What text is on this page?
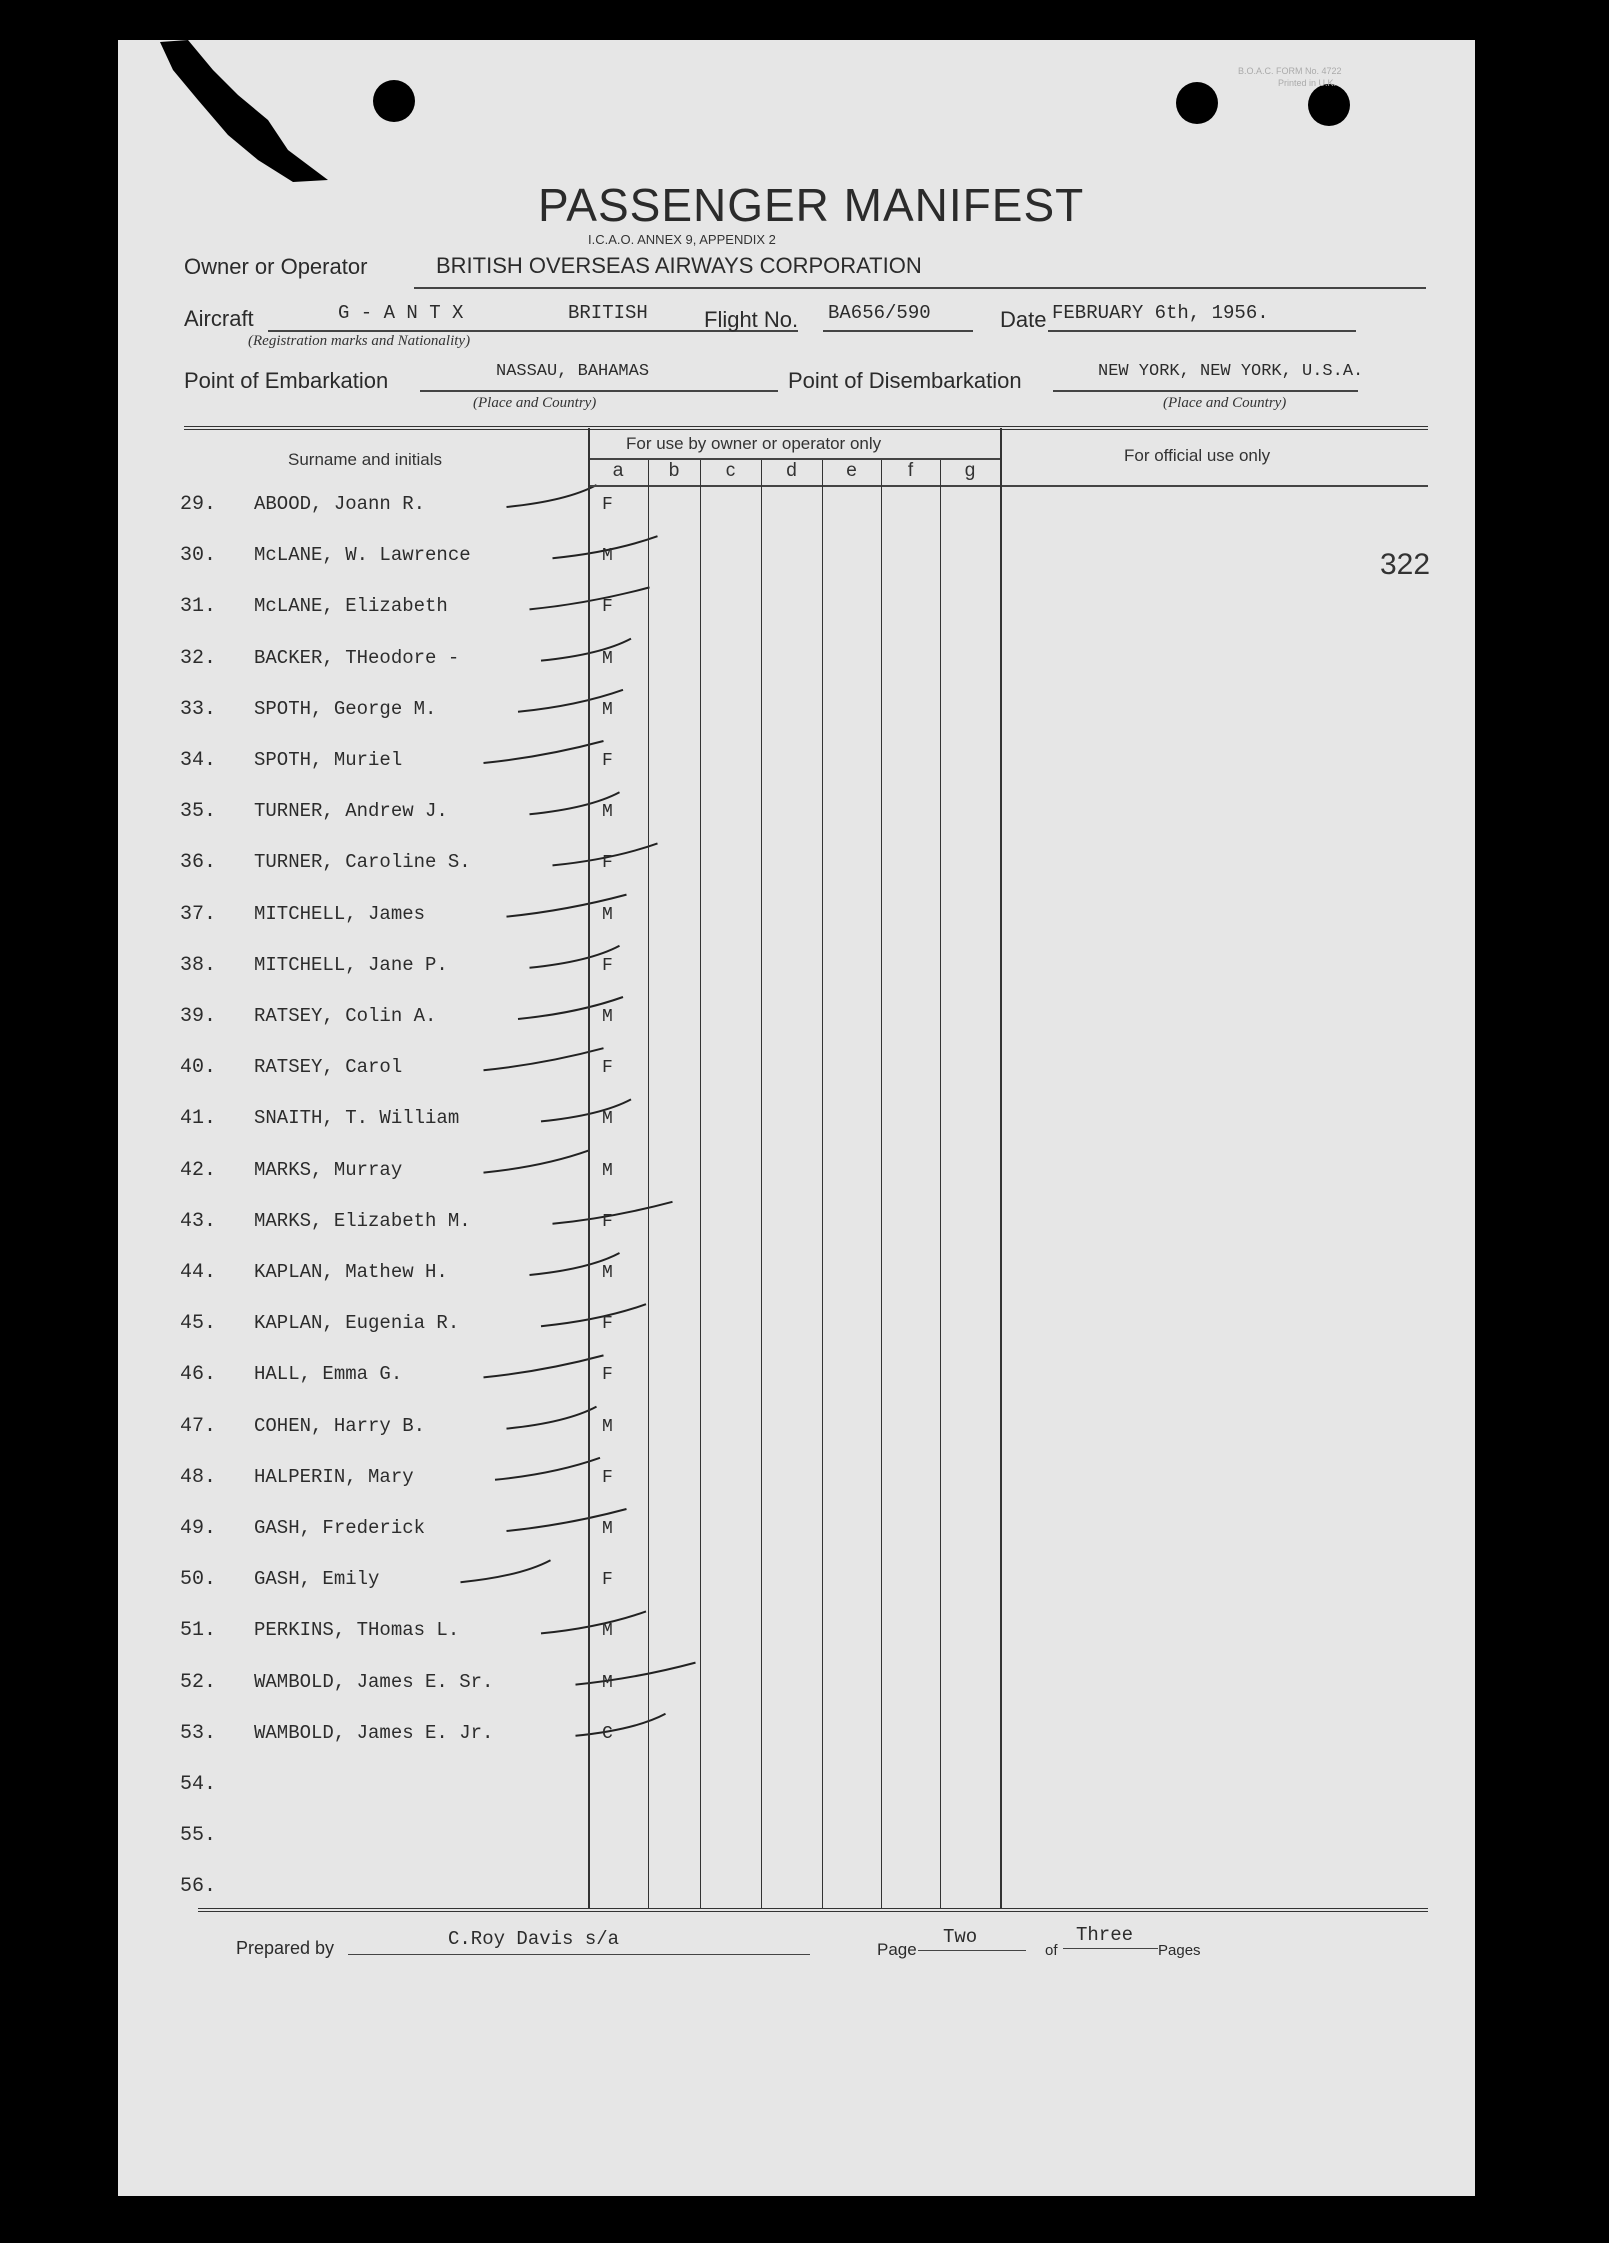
B.O.A.C. FORM No. 4722
Printed in U.K.
PASSENGER MANIFEST
I.C.A.O. ANNEX 9, APPENDIX 2
Owner or Operator	BRITISH OVERSEAS AIRWAYS CORPORATION
Aircraft	G - A N T X	BRITISH
(Registration marks and Nationality)
Flight No. BA656/590	Date FEBRUARY 6th, 1956.
Point of Embarkation	NASSAU, BAHAMAS
(Place and Country)
Point of Disembarkation	NEW YORK, NEW YORK, U.S.A.
(Place and Country)
Surname and initials
For use by owner or operator only
For official use only
a	b	c	d	e	f	g
322
29. ABOOD, Joann R.	F
30. McLANE, W. Lawrence	M
31. McLANE, Elizabeth	F
32. BACKER, THeodore -	M
33. SPOTH, George M.	M
34. SPOTH, Muriel	F
35. TURNER, Andrew J.	M
36. TURNER, Caroline S.	F
37. MITCHELL, James	M
38. MITCHELL, Jane P.	F
39. RATSEY, Colin A.	M
40. RATSEY, Carol	F
41. SNAITH, T. William	M
42. MARKS, Murray	M
43. MARKS, Elizabeth M.	F
44. KAPLAN, Mathew H.	M
45. KAPLAN, Eugenia R.	F
46. HALL, Emma G.	F
47. COHEN, Harry B.	M
48. HALPERIN, Mary	F
49. GASH, Frederick	M
50. GASH, Emily	F
51. PERKINS, THomas L.	M
52. WAMBOLD, James E. Sr.	M
53. WAMBOLD, James E. Jr.	C
54.
55.
56.
Prepared by	C.Roy Davis s/a	Page
Two
of
Three
Pages
